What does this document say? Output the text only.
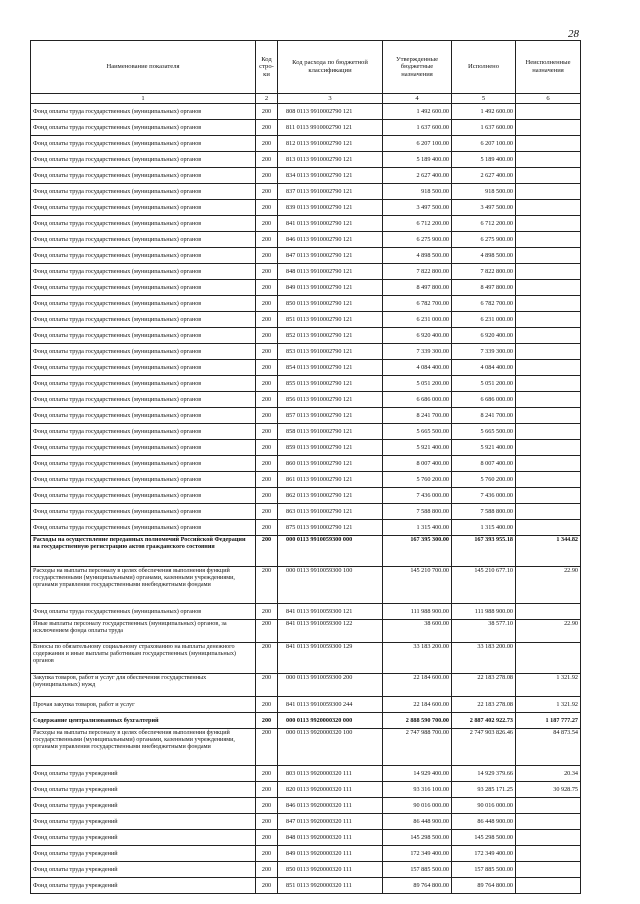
28
Наименование показателя	Код стро-ки	Код расхода по бюджетной классификации	Утвержденные бюджетные назначения	Исполнено	Неисполненные назначения
1	2	3	4	5	6
Фонд оплаты труда государственных (муниципальных) органов	200	808 0113 9910002790 121	1 492 600.00	1 492 600.00	
Фонд оплаты труда государственных (муниципальных) органов	200	811 0113 9910002790 121	1 637 600.00	1 637 600.00	
Фонд оплаты труда государственных (муниципальных) органов	200	812 0113 9910002790 121	6 207 100.00	6 207 100.00	
Фонд оплаты труда государственных (муниципальных) органов	200	813 0113 9910002790 121	5 189 400.00	5 189 400.00	
Фонд оплаты труда государственных (муниципальных) органов	200	834 0113 9910002790 121	2 627 400.00	2 627 400.00	
Фонд оплаты труда государственных (муниципальных) органов	200	837 0113 9910002790 121	918 500.00	918 500.00	
Фонд оплаты труда государственных (муниципальных) органов	200	839 0113 9910002790 121	3 497 500.00	3 497 500.00	
Фонд оплаты труда государственных (муниципальных) органов	200	841 0113 9910002790 121	6 712 200.00	6 712 200.00	
Фонд оплаты труда государственных (муниципальных) органов	200	846 0113 9910002790 121	6 275 900.00	6 275 900.00	
Фонд оплаты труда государственных (муниципальных) органов	200	847 0113 9910002790 121	4 898 500.00	4 898 500.00	
Фонд оплаты труда государственных (муниципальных) органов	200	848 0113 9910002790 121	7 822 800.00	7 822 800.00	
Фонд оплаты труда государственных (муниципальных) органов	200	849 0113 9910002790 121	8 497 800.00	8 497 800.00	
Фонд оплаты труда государственных (муниципальных) органов	200	850 0113 9910002790 121	6 782 700.00	6 782 700.00	
Фонд оплаты труда государственных (муниципальных) органов	200	851 0113 9910002790 121	6 231 000.00	6 231 000.00	
Фонд оплаты труда государственных (муниципальных) органов	200	852 0113 9910002790 121	6 920 400.00	6 920 400.00	
Фонд оплаты труда государственных (муниципальных) органов	200	853 0113 9910002790 121	7 339 300.00	7 339 300.00	
Фонд оплаты труда государственных (муниципальных) органов	200	854 0113 9910002790 121	4 084 400.00	4 084 400.00	
Фонд оплаты труда государственных (муниципальных) органов	200	855 0113 9910002790 121	5 051 200.00	5 051 200.00	
Фонд оплаты труда государственных (муниципальных) органов	200	856 0113 9910002790 121	6 686 000.00	6 686 000.00	
Фонд оплаты труда государственных (муниципальных) органов	200	857 0113 9910002790 121	8 241 700.00	8 241 700.00	
Фонд оплаты труда государственных (муниципальных) органов	200	858 0113 9910002790 121	5 665 500.00	5 665 500.00	
Фонд оплаты труда государственных (муниципальных) органов	200	859 0113 9910002790 121	5 921 400.00	5 921 400.00	
Фонд оплаты труда государственных (муниципальных) органов	200	860 0113 9910002790 121	8 007 400.00	8 007 400.00	
Фонд оплаты труда государственных (муниципальных) органов	200	861 0113 9910002790 121	5 760 200.00	5 760 200.00	
Фонд оплаты труда государственных (муниципальных) органов	200	862 0113 9910002790 121	7 436 000.00	7 436 000.00	
Фонд оплаты труда государственных (муниципальных) органов	200	863 0113 9910002790 121	7 588 800.00	7 588 800.00	
Фонд оплаты труда государственных (муниципальных) органов	200	875 0113 9910002790 121	1 315 400.00	1 315 400.00	
Расходы на осуществление переданных полномочий Российской Федерации на государственную регистрацию актов гражданского состояния	200	000 0113 9910059300 000	167 395 300.00	167 393 955.18	1 344.82
Расходы на выплаты персоналу в целях обеспечения выполнения функций государственными (муниципальными) органами, казенными учреждениями, органами управления государственными внебюджетными фондами	200	000 0113 9910059300 100	145 210 700.00	145 210 677.10	22.90
Фонд оплаты труда государственных (муниципальных) органов	200	841 0113 9910059300 121	111 988 900.00	111 988 900.00	
Иные выплаты персоналу государственных (муниципальных) органов, за исключением фонда оплаты труда	200	841 0113 9910059300 122	38 600.00	38 577.10	22.90
Взносы по обязательному социальному страхованию на выплаты денежного содержания и иные выплаты работникам государственных (муниципальных) органов	200	841 0113 9910059300 129	33 183 200.00	33 183 200.00	
Закупка товаров, работ и услуг для обеспечения государственных (муниципальных) нужд	200	000 0113 9910059300 200	22 184 600.00	22 183 278.08	1 321.92
Прочая закупка товаров, работ и услуг	200	841 0113 9910059300 244	22 184 600.00	22 183 278.08	1 321.92
Содержание централизованных бухгалтерий	200	000 0113 9920000320 000	2 888 590 700.00	2 887 402 922.73	1 187 777.27
Расходы на выплаты персоналу в целях обеспечения выполнения функций государственными (муниципальными) органами, казенными учреждениями, органами управления государственными внебюджетными фондами	200	000 0113 9920000320 100	2 747 988 700.00	2 747 903 826.46	84 873.54
Фонд оплаты труда учреждений	200	803 0113 9920000320 111	14 929 400.00	14 929 379.66	20.34
Фонд оплаты труда учреждений	200	820 0113 9920000320 111	93 316 100.00	93 285 171.25	30 928.75
Фонд оплаты труда учреждений	200	846 0113 9920000320 111	90 016 000.00	90 016 000.00	
Фонд оплаты труда учреждений	200	847 0113 9920000320 111	86 448 900.00	86 448 900.00	
Фонд оплаты труда учреждений	200	848 0113 9920000320 111	145 298 500.00	145 298 500.00	
Фонд оплаты труда учреждений	200	849 0113 9920000320 111	172 349 400.00	172 349 400.00	
Фонд оплаты труда учреждений	200	850 0113 9920000320 111	157 885 500.00	157 885 500.00	
Фонд оплаты труда учреждений	200	851 0113 9920000320 111	89 764 800.00	89 764 800.00	
